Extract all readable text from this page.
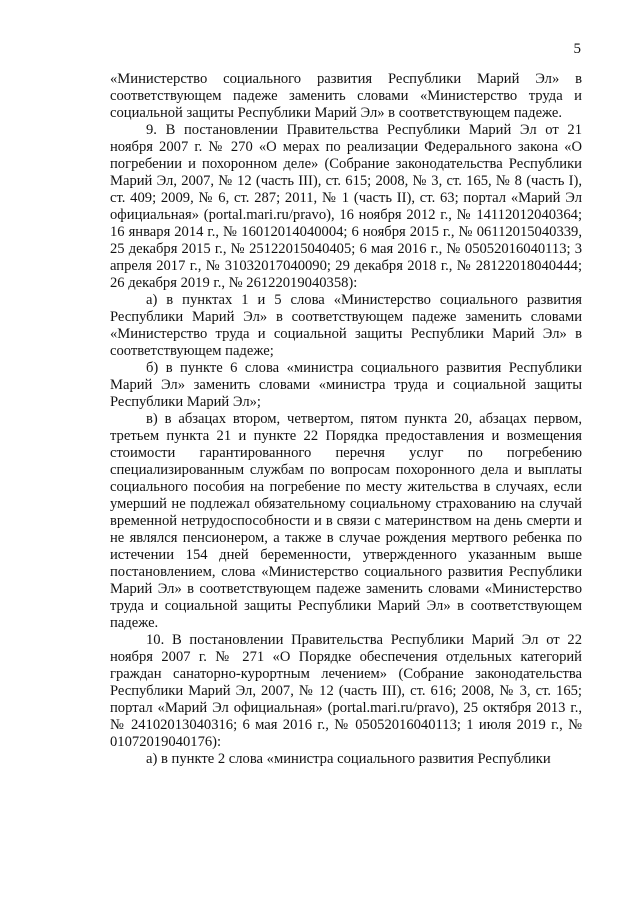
5

«Министерство социального развития Республики Марий Эл» в соответствующем падеже заменить словами «Министерство труда и социальной защиты Республики Марий Эл» в соответствующем падеже.

9. В постановлении Правительства Республики Марий Эл от 21 ноября 2007 г. № 270 «О мерах по реализации Федерального закона «О погребении и похоронном деле» (Собрание законодательства Республики Марий Эл, 2007, № 12 (часть III), ст. 615; 2008, № 3, ст. 165, № 8 (часть I), ст. 409; 2009, № 6, ст. 287; 2011, № 1 (часть II), ст. 63; портал «Марий Эл официальная» (portal.mari.ru/pravo), 16 ноября 2012 г., № 14112012040364; 16 января 2014 г., № 16012014040004; 6 ноября 2015 г., № 06112015040339, 25 декабря 2015 г., № 25122015040405; 6 мая 2016 г., № 05052016040113; 3 апреля 2017 г., № 31032017040090; 29 декабря 2018 г., № 28122018040444; 26 декабря 2019 г., № 26122019040358):

а) в пунктах 1 и 5 слова «Министерство социального развития Республики Марий Эл» в соответствующем падеже заменить словами «Министерство труда и социальной защиты Республики Марий Эл» в соответствующем падеже;

б) в пункте 6 слова «министра социального развития Республики Марий Эл» заменить словами «министра труда и социальной защиты Республики Марий Эл»;

в) в абзацах втором, четвертом, пятом пункта 20, абзацах первом, третьем пункта 21 и пункте 22 Порядка предоставления и возмещения стоимости гарантированного перечня услуг по погребению специализированным службам по вопросам похоронного дела и выплаты социального пособия на погребение по месту жительства в случаях, если умерший не подлежал обязательному социальному страхованию на случай временной нетрудоспособности и в связи с материнством на день смерти и не являлся пенсионером, а также в случае рождения мертвого ребенка по истечении 154 дней беременности, утвержденного указанным выше постановлением, слова «Министерство социального развития Республики Марий Эл» в соответствующем падеже заменить словами «Министерство труда и социальной защиты Республики Марий Эл» в соответствующем падеже.

10. В постановлении Правительства Республики Марий Эл от 22 ноября 2007 г. № 271 «О Порядке обеспечения отдельных категорий граждан санаторно-курортным лечением» (Собрание законодательства Республики Марий Эл, 2007, № 12 (часть III), ст. 616; 2008, № 3, ст. 165; портал «Марий Эл официальная» (portal.mari.ru/pravo), 25 октября 2013 г., № 24102013040316; 6 мая 2016 г., № 05052016040113; 1 июля 2019 г., № 01072019040176):

а) в пункте 2 слова «министра социального развития Республики
